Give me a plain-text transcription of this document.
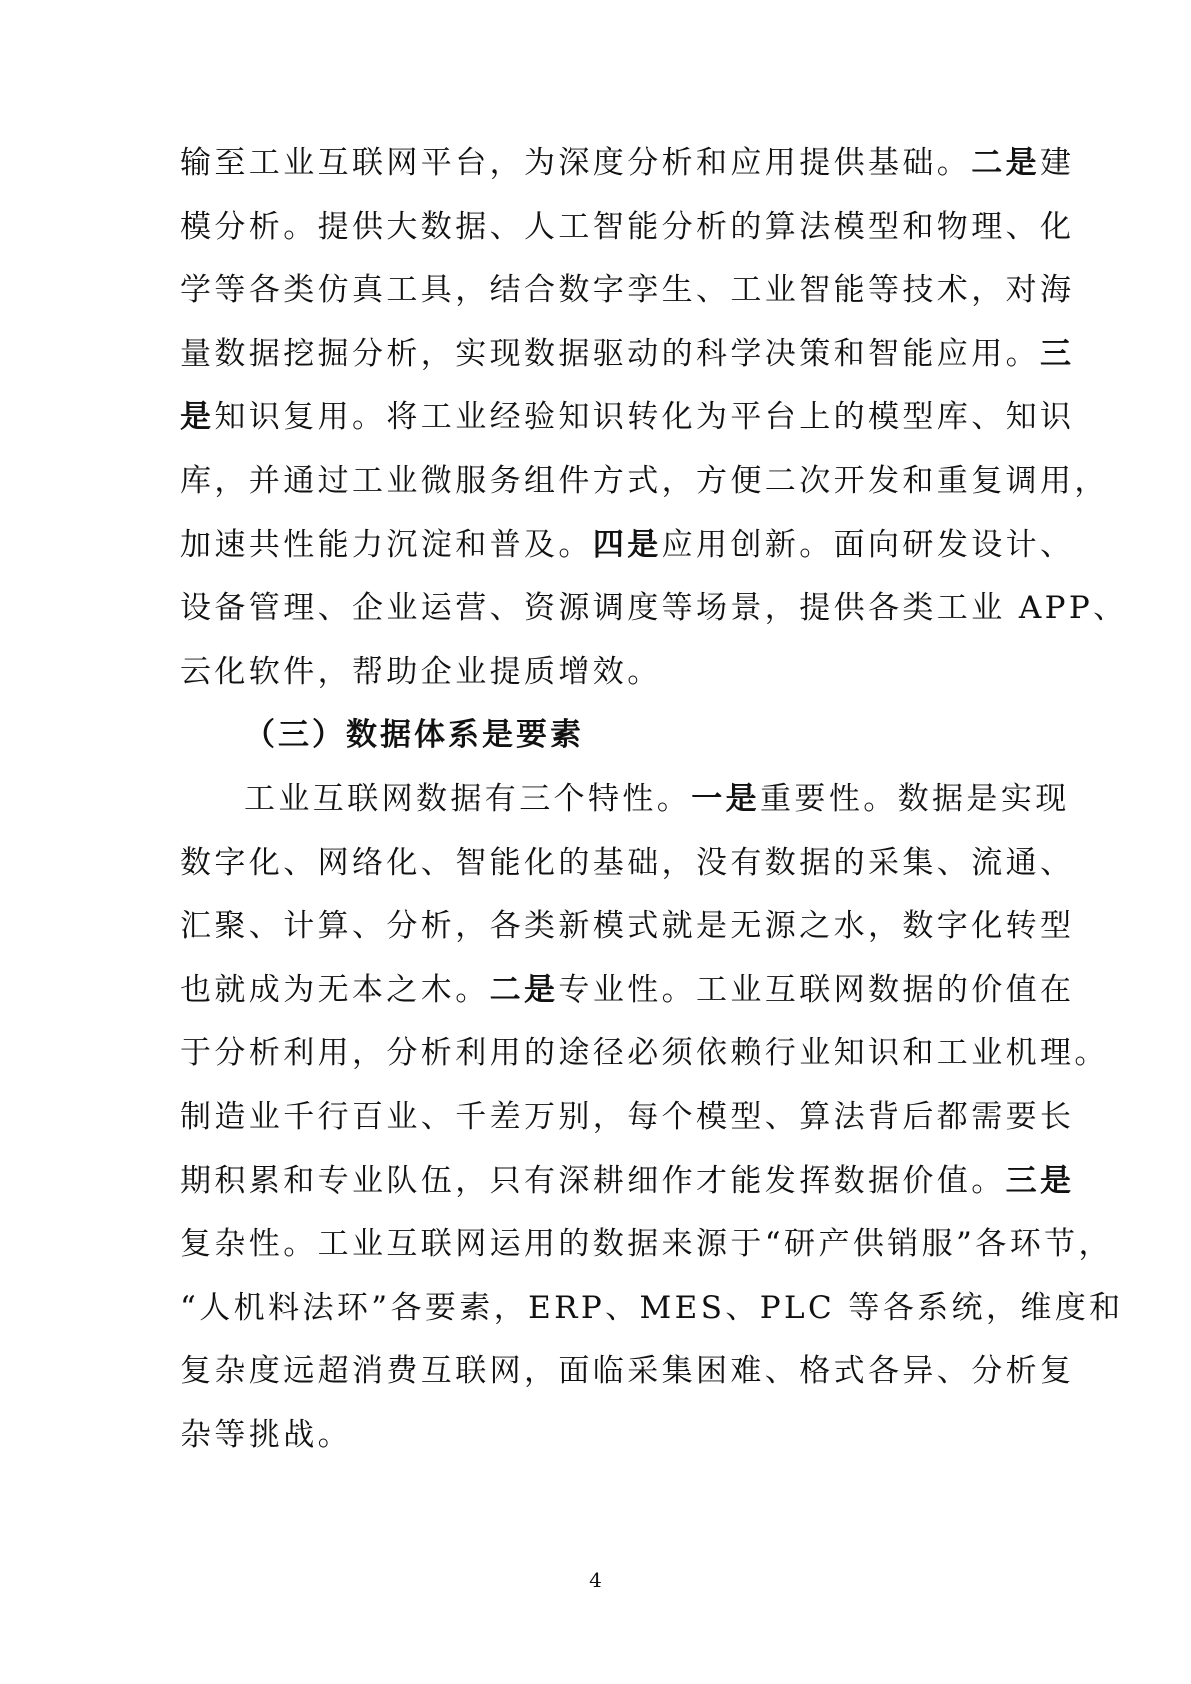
输至工业互联网平台，为深度分析和应用提供基础。二是建
模分析。提供大数据、人工智能分析的算法模型和物理、化
学等各类仿真工具，结合数字孪生、工业智能等技术，对海
量数据挖掘分析，实现数据驱动的科学决策和智能应用。三
是知识复用。将工业经验知识转化为平台上的模型库、知识
库，并通过工业微服务组件方式，方便二次开发和重复调用，
加速共性能力沉淀和普及。四是应用创新。面向研发设计、
设备管理、企业运营、资源调度等场景，提供各类工业 APP、
云化软件，帮助企业提质增效。
（三）数据体系是要素
工业互联网数据有三个特性。一是重要性。数据是实现
数字化、网络化、智能化的基础，没有数据的采集、流通、
汇聚、计算、分析，各类新模式就是无源之水，数字化转型
也就成为无本之木。二是专业性。工业互联网数据的价值在
于分析利用，分析利用的途径必须依赖行业知识和工业机理。
制造业千行百业、千差万别，每个模型、算法背后都需要长
期积累和专业队伍，只有深耕细作才能发挥数据价值。三是
复杂性。工业互联网运用的数据来源于“研产供销服”各环节，
“人机料法环”各要素，ERP、MES、PLC 等各系统，维度和
复杂度远超消费互联网，面临采集困难、格式各异、分析复
杂等挑战。
4
